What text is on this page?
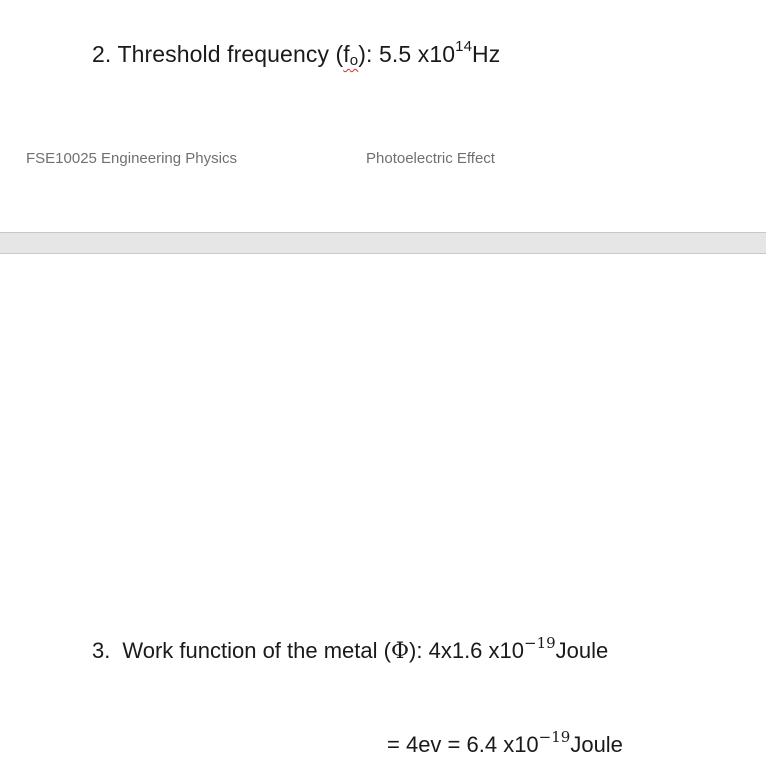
2. Threshold frequency (fo): 5.5 $x10^{14}Hz$
FSE10025 Engineering Physics	Photoelectric Effect
3. Work function of the metal (Φ): 4x1.6 $x10^{-19}Joule$
= 4ev = 6.4 $x10^{-19}Joule$
